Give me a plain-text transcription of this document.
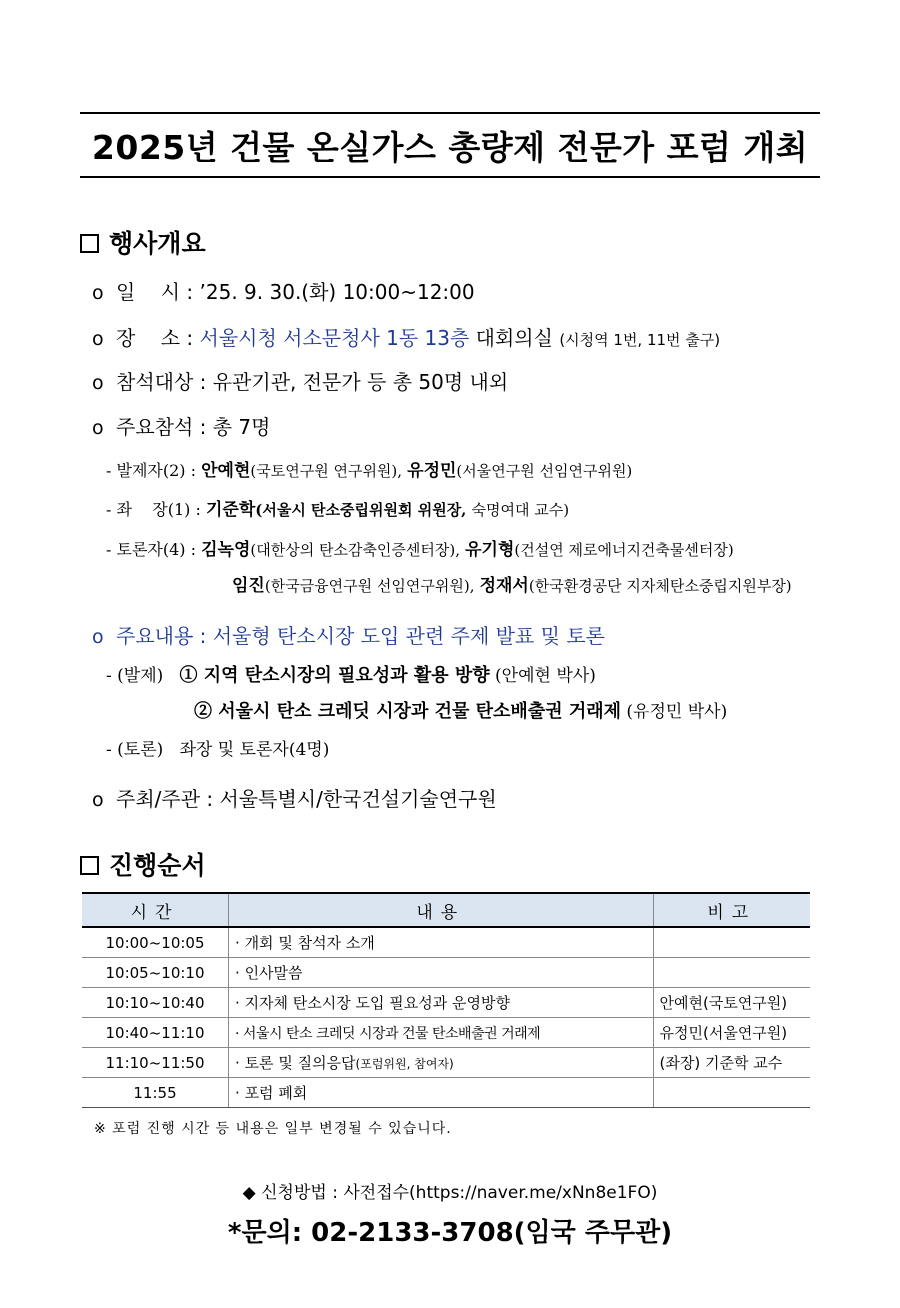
2025년 건물 온실가스 총량제 전문가 포럼 개최
행사개요
o 일    시 : ’25. 9. 30.(화) 10:00~12:00
o 장    소 : 서울시청 서소문청사 1동 13층 대회의실 (시청역 1번, 11번 출구)
o 참석대상 : 유관기관, 전문가 등 총 50명 내외
o 주요참석 : 총 7명
- 발제자(2) : 안예현(국토연구원 연구위원), 유정민(서울연구원 선임연구위원)
- 좌    장(1) : 기준학(서울시 탄소중립위원회 위원장, 숙명여대 교수)
- 토론자(4) : 김녹영(대한상의 탄소감축인증센터장), 유기형(건설연 제로에너지건축물센터장)
임진(한국금융연구원 선임연구위원), 정재서(한국환경공단 지자체탄소중립지원부장)
o 주요내용 : 서울형 탄소시장 도입 관련 주제 발표 및 토론
- (발제) ① 지역 탄소시장의 필요성과 활용 방향 (안예현 박사)
② 서울시 탄소 크레딧 시장과 건물 탄소배출권 거래제 (유정민 박사)
- (토론) 좌장 및 토론자(4명)
o 주최/주관 : 서울특별시/한국건설기술연구원
진행순서
시간	내용	비고
10:00~10:05	· 개회 및 참석자 소개	
10:05~10:10	· 인사말씀	
10:10~10:40	· 지자체 탄소시장 도입 필요성과 운영방향	안예현(국토연구원)
10:40~11:10	· 서울시 탄소 크레딧 시장과 건물 탄소배출권 거래제	유정민(서울연구원)
11:10~11:50	· 토론 및 질의응답(포럼위원, 참여자)	(좌장) 기준학 교수
11:55	· 포럼 폐회	
※ 포럼 진행 시간 등 내용은 일부 변경될 수 있습니다.
◆ 신청방법 : 사전접수(https://naver.me/xNn8e1FO)
*문의: 02-2133-3708(임국 주무관)
